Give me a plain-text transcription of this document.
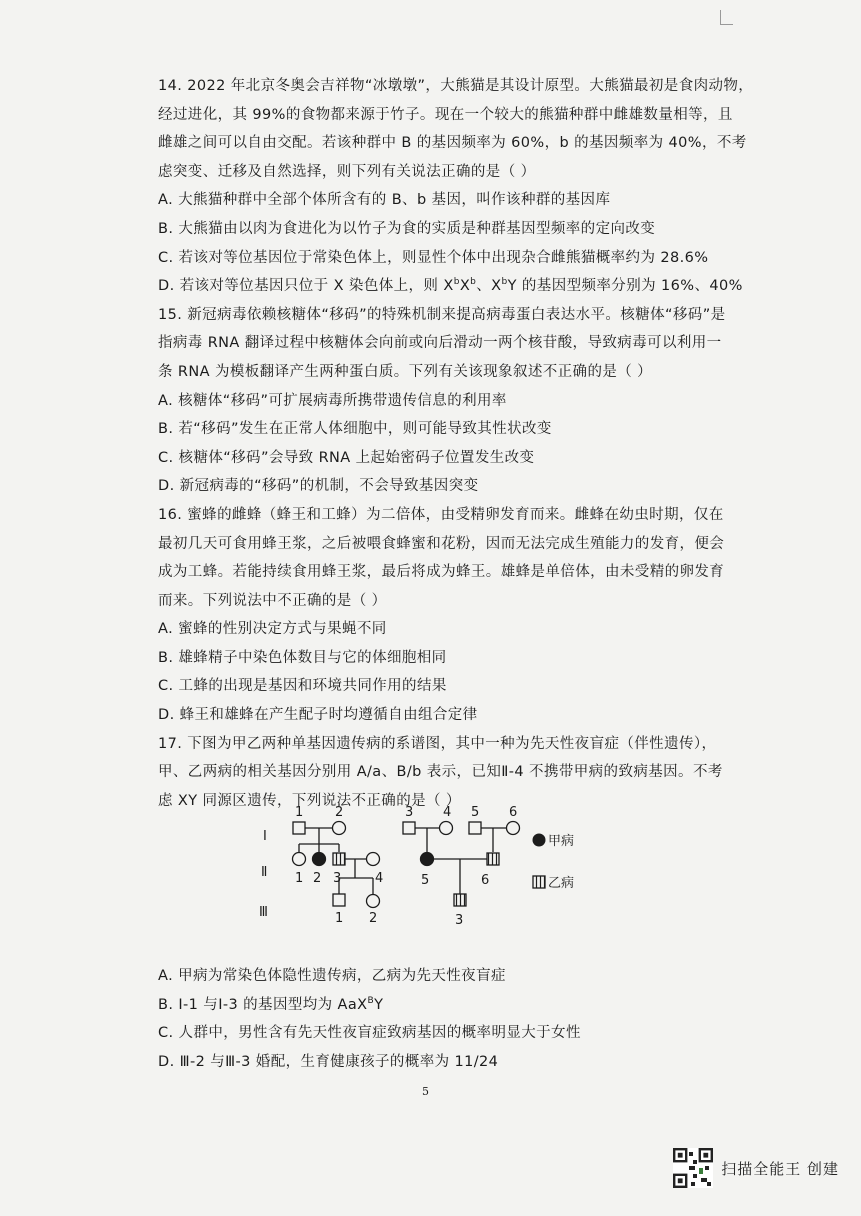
14. 2022 年北京冬奥会吉祥物“冰墩墩”，大熊猫是其设计原型。大熊猫最初是食肉动物，
经过进化，其 99%的食物都来源于竹子。现在一个较大的熊猫种群中雌雄数量相等，且
雌雄之间可以自由交配。若该种群中 B 的基因频率为 60%，b 的基因频率为 40%，不考
虑突变、迁移及自然选择，则下列有关说法正确的是（ ）
A. 大熊猫种群中全部个体所含有的 B、b 基因，叫作该种群的基因库
B. 大熊猫由以肉为食进化为以竹子为食的实质是种群基因型频率的定向改变
C. 若该对等位基因位于常染色体上，则显性个体中出现杂合雌熊猫概率约为 28.6%
D. 若该对等位基因只位于 X 染色体上，则 $X^bX^b$、$X^bY$ 的基因型频率分别为 16%、40%
15. 新冠病毒依赖核糖体“移码”的特殊机制来提高病毒蛋白表达水平。核糖体“移码”是
指病毒 RNA 翻译过程中核糖体会向前或向后滑动一两个核苷酸，导致病毒可以利用一
条 RNA 为模板翻译产生两种蛋白质。下列有关该现象叙述不正确的是（ ）
A. 核糖体“移码”可扩展病毒所携带遗传信息的利用率
B. 若“移码”发生在正常人体细胞中，则可能导致其性状改变
C. 核糖体“移码”会导致 RNA 上起始密码子位置发生改变
D. 新冠病毒的“移码”的机制，不会导致基因突变
16. 蜜蜂的雌蜂（蜂王和工蜂）为二倍体，由受精卵发育而来。雌蜂在幼虫时期，仅在
最初几天可食用蜂王浆，之后被喂食蜂蜜和花粉，因而无法完成生殖能力的发育，便会
成为工蜂。若能持续食用蜂王浆，最后将成为蜂王。雄蜂是单倍体，由未受精的卵发育
而来。下列说法中不正确的是（ ）
A. 蜜蜂的性别决定方式与果蝇不同
B. 雄蜂精子中染色体数目与它的体细胞相同
C. 工蜂的出现是基因和环境共同作用的结果
D. 蜂王和雄蜂在产生配子时均遵循自由组合定律
17. 下图为甲乙两种单基因遗传病的系谱图，其中一种为先天性夜盲症（伴性遗传），
甲、乙两病的相关基因分别用 A/a、B/b 表示，已知Ⅱ-4 不携带甲病的致病基因。不考
虑 XY 同源区遗传，下列说法不正确的是（ ）
Ⅰ
Ⅱ
Ⅲ
1 2	3 4 5 6
1 2 3	4	5	6
1 2	3
甲病
乙病
A. 甲病为常染色体隐性遗传病，乙病为先天性夜盲症
B. Ⅰ-1 与Ⅰ-3 的基因型均为 AaX$^B$Y
C. 人群中，男性含有先天性夜盲症致病基因的概率明显大于女性
D. Ⅲ-2 与Ⅲ-3 婚配，生育健康孩子的概率为 11/24
5
扫描全能王 创建
